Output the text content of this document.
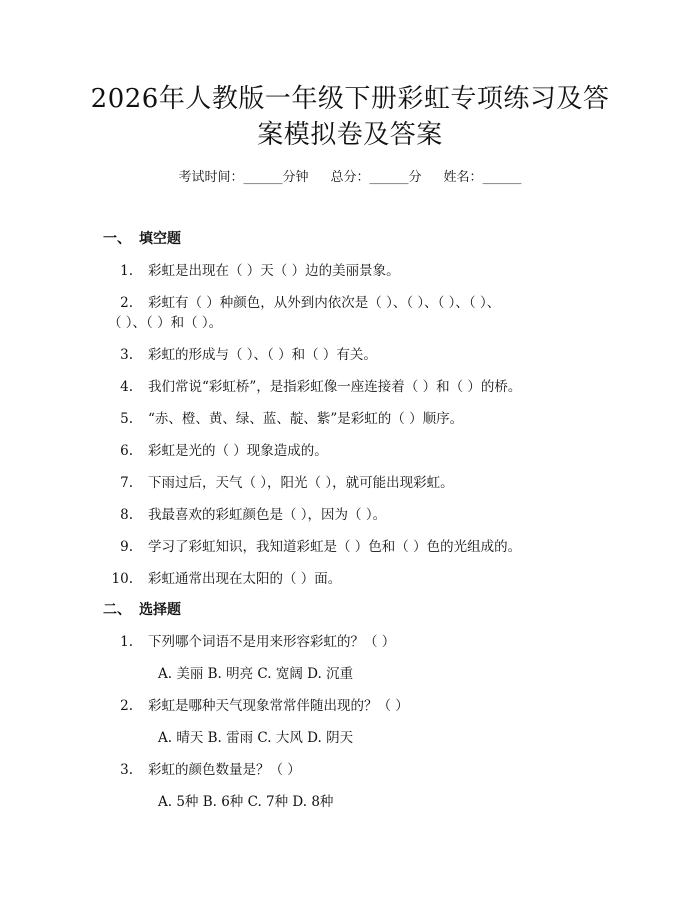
2026年人教版一年级下册彩虹专项练习及答
案模拟卷及答案
考试时间：______分钟 总分：______分 姓名：______
一、 填空题
1. 彩虹是出现在（ ）天（ ）边的美丽景象。
2. 彩虹有（ ）种颜色，从外到内依次是（ ）、（ ）、（ ）、（ ）、
（ ）、（ ）和（ ）。
3. 彩虹的形成与（ ）、（ ）和（ ）有关。
4. 我们常说“彩虹桥”，是指彩虹像一座连接着（ ）和（ ）的桥。
5. “赤、橙、黄、绿、蓝、靛、紫”是彩虹的（ ）顺序。
6. 彩虹是光的（ ）现象造成的。
7. 下雨过后，天气（ ），阳光（ ），就可能出现彩虹。
8. 我最喜欢的彩虹颜色是（ ），因为（ ）。
9. 学习了彩虹知识，我知道彩虹是（ ）色和（ ）色的光组成的。
10. 彩虹通常出现在太阳的（ ）面。
二、 选择题
1. 下列哪个词语不是用来形容彩虹的？（ ）
A. 美丽 B. 明亮 C. 宽阔 D. 沉重
2. 彩虹是哪种天气现象常常伴随出现的？（ ）
A. 晴天 B. 雷雨 C. 大风 D. 阴天
3. 彩虹的颜色数量是？（ ）
A. 5种 B. 6种 C. 7种 D. 8种
